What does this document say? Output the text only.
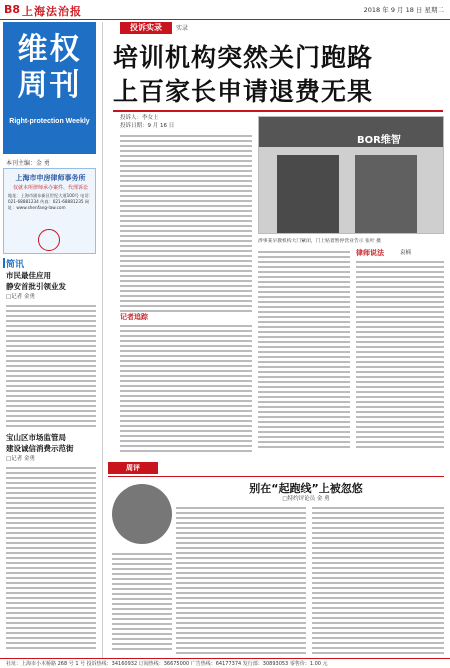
B8 上海法治报	2018 年 9 月 18 日 星期二
维权周刊
Right-protection Weekly
本刊主编：金 勇
上海市申房律师事务所
仅就本所律师承办案件、代理诉讼
地址：上海市浦东新区世纪大道100号 电话：021-68881234 传真：021-68881235 网址：www.shenfang-law.com
简讯
市民最佳应用
静安首批引领业发
□记者 金勇
宝山区市场监管局
建设诚信消费示范街
□记者 金勇
投诉实录	实录
培训机构突然关门跑路
上百家长申请退费无果
投诉人：李女士
投诉日期：9 月 16 日
记者追踪
BOR维智
涉事某早教机构大门紧闭，门上贴着暂停营业告示 张叶 摄
律师说法	袁楠
周评
别在“起跑线”上被忽悠
□特约评论员 金 勇
社址：上海市小木桥路 268 号 1 号 投诉热线：34160932 订阅热线：36675000 广告热线：64177374 发行部：30893053 零售价：1.00 元
